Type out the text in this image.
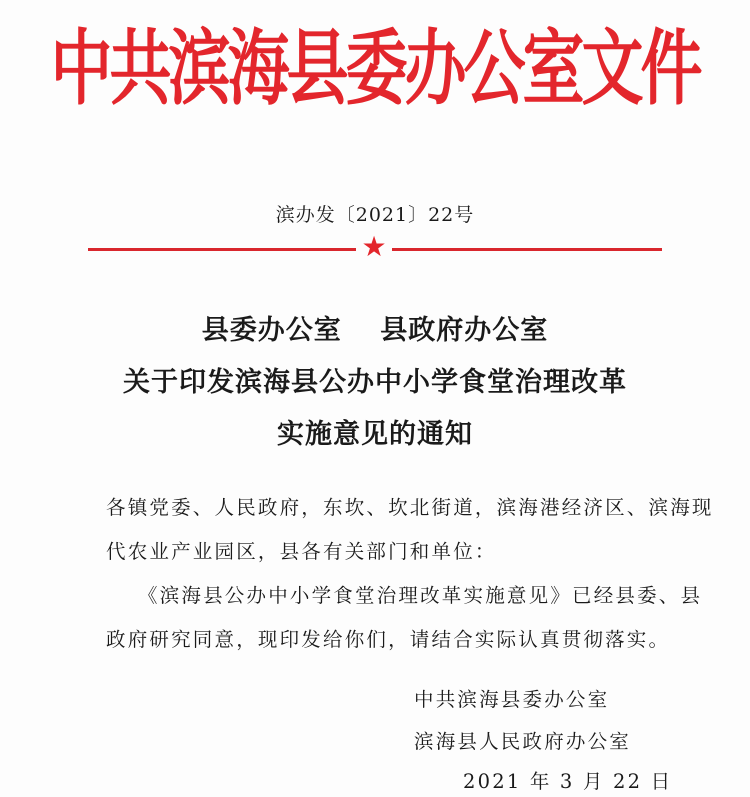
中共滨海县委办公室文件
滨办发〔2021〕22号
★
县委办公室　 县政府办公室
关于印发滨海县公办中小学食堂治理改革
实施意见的通知
各镇党委、人民政府，东坎、坎北街道，滨海港经济区、滨海现
代农业产业园区，县各有关部门和单位：
《滨海县公办中小学食堂治理改革实施意见》已经县委、县
政府研究同意，现印发给你们，请结合实际认真贯彻落实。
中共滨海县委办公室
滨海县人民政府办公室
2021 年 3 月 22 日
